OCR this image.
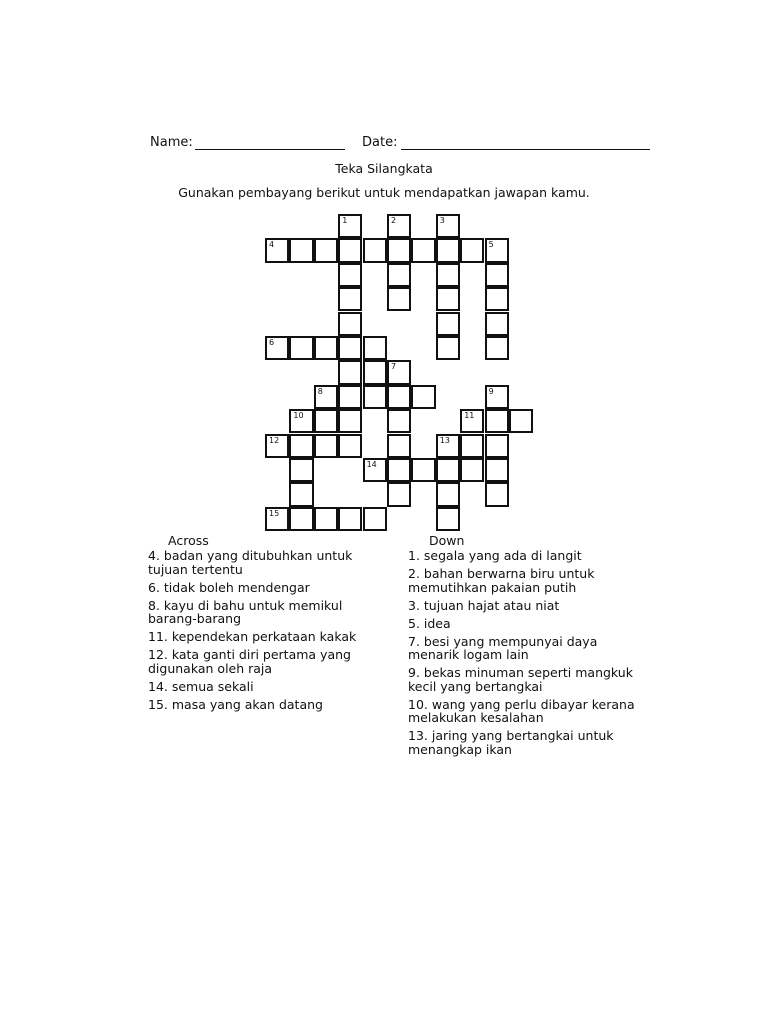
Name:	Date:
Teka Silangkata
Gunakan pembayang berikut untuk mendapatkan jawapan kamu.
1	2	3
4	5
6
7
8	9
10	11
12	13
14
15
Across	Down

4. badan yang ditubuhkan untuk tujuan tertentu

6. tidak boleh mendengar

8. kayu di bahu untuk memikul barang-barang

11. kependekan perkataan kakak

12. kata ganti diri pertama yang digunakan oleh raja

14. semua sekali

15. masa yang akan datang

1. segala yang ada di langit

2. bahan berwarna biru untuk memutihkan pakaian putih

3. tujuan hajat atau niat

5. idea

7. besi yang mempunyai daya menarik logam lain

9. bekas minuman seperti mangkuk kecil yang bertangkai

10. wang yang perlu dibayar kerana melakukan kesalahan

13. jaring yang bertangkai untuk menangkap ikan
